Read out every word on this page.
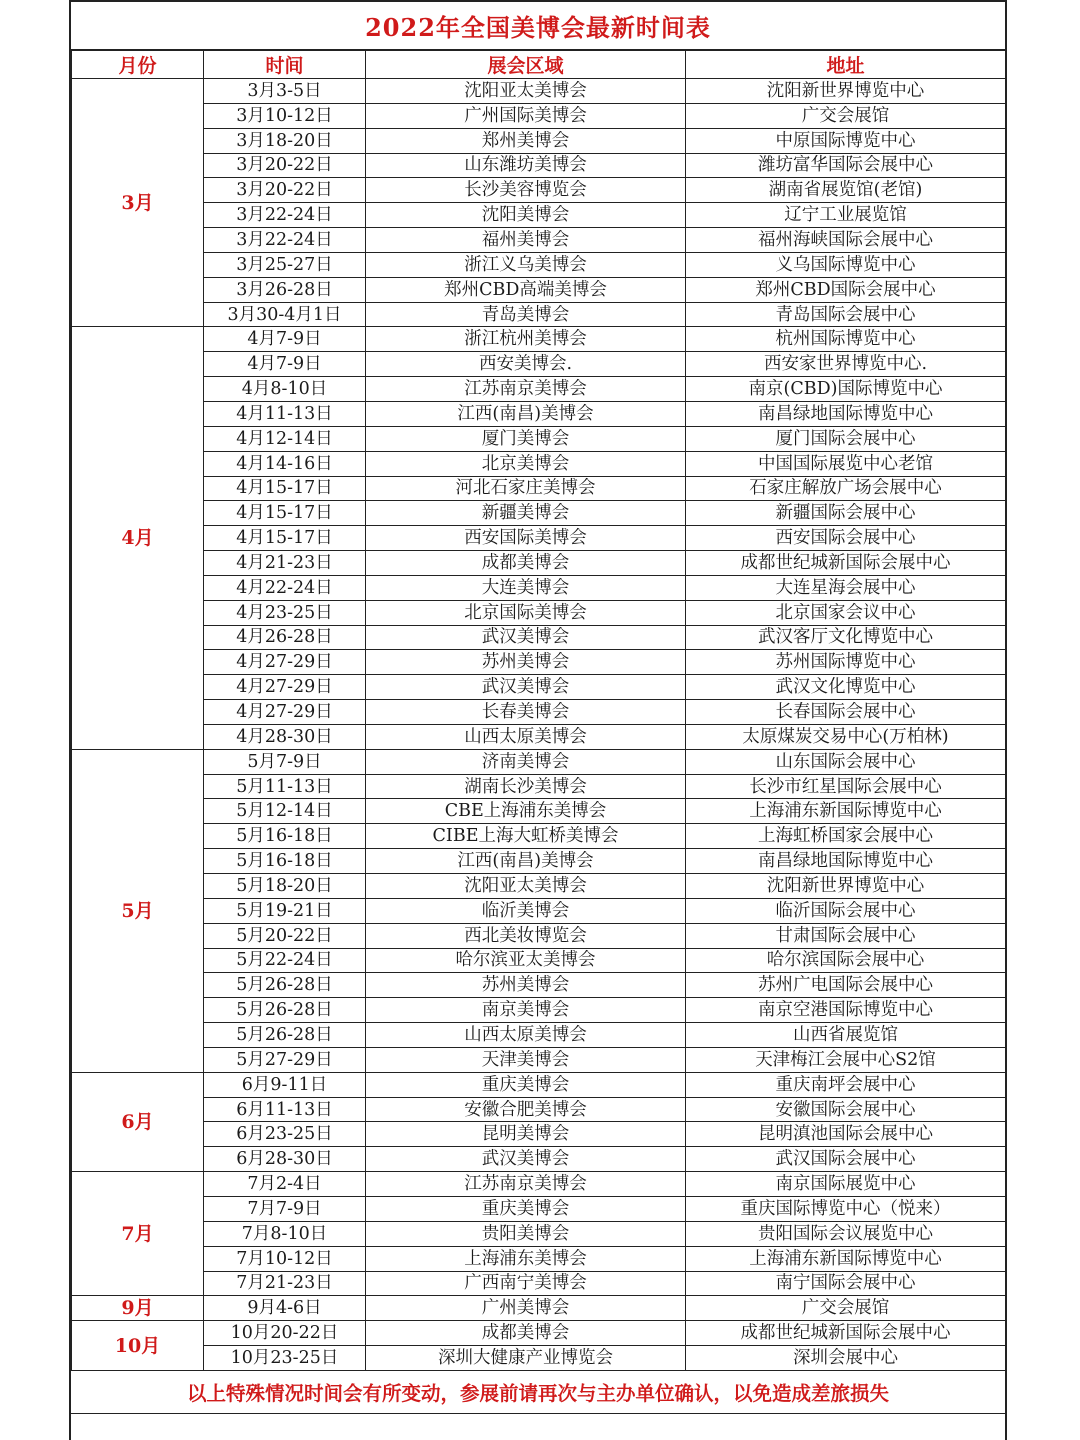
2022年全国美博会最新时间表
月份	时间	展会区域	地址
3月	3月3-5日	沈阳亚太美博会	沈阳新世界博览中心
	3月10-12日	广州国际美博会	广交会展馆
	3月18-20日	郑州美博会	中原国际博览中心
	3月20-22日	山东潍坊美博会	潍坊富华国际会展中心
	3月20-22日	长沙美容博览会	湖南省展览馆(老馆)
	3月22-24日	沈阳美博会	辽宁工业展览馆
	3月22-24日	福州美博会	福州海峡国际会展中心
	3月25-27日	浙江义乌美博会	义乌国际博览中心
	3月26-28日	郑州CBD高端美博会	郑州CBD国际会展中心
	3月30-4月1日	青岛美博会	青岛国际会展中心
4月	4月7-9日	浙江杭州美博会	杭州国际博览中心
	4月7-9日	西安美博会.	西安家世界博览中心.
	4月8-10日	江苏南京美博会	南京(CBD)国际博览中心
	4月11-13日	江西(南昌)美博会	南昌绿地国际博览中心
	4月12-14日	厦门美博会	厦门国际会展中心
	4月14-16日	北京美博会	中国国际展览中心老馆
	4月15-17日	河北石家庄美博会	石家庄解放广场会展中心
	4月15-17日	新疆美博会	新疆国际会展中心
	4月15-17日	西安国际美博会	西安国际会展中心
	4月21-23日	成都美博会	成都世纪城新国际会展中心
	4月22-24日	大连美博会	大连星海会展中心
	4月23-25日	北京国际美博会	北京国家会议中心
	4月26-28日	武汉美博会	武汉客厅文化博览中心
	4月27-29日	苏州美博会	苏州国际博览中心
	4月27-29日	武汉美博会	武汉文化博览中心
	4月27-29日	长春美博会	长春国际会展中心
	4月28-30日	山西太原美博会	太原煤炭交易中心(万柏林)
5月	5月7-9日	济南美博会	山东国际会展中心
	5月11-13日	湖南长沙美博会	长沙市红星国际会展中心
	5月12-14日	CBE上海浦东美博会	上海浦东新国际博览中心
	5月16-18日	CIBE上海大虹桥美博会	上海虹桥国家会展中心
	5月16-18日	江西(南昌)美博会	南昌绿地国际博览中心
	5月18-20日	沈阳亚太美博会	沈阳新世界博览中心
	5月19-21日	临沂美博会	临沂国际会展中心
	5月20-22日	西北美妆博览会	甘肃国际会展中心
	5月22-24日	哈尔滨亚太美博会	哈尔滨国际会展中心
	5月26-28日	苏州美博会	苏州广电国际会展中心
	5月26-28日	南京美博会	南京空港国际博览中心
	5月26-28日	山西太原美博会	山西省展览馆
	5月27-29日	天津美博会	天津梅江会展中心S2馆
6月	6月9-11日	重庆美博会	重庆南坪会展中心
	6月11-13日	安徽合肥美博会	安徽国际会展中心
	6月23-25日	昆明美博会	昆明滇池国际会展中心
	6月28-30日	武汉美博会	武汉国际会展中心
7月	7月2-4日	江苏南京美博会	南京国际展览中心
	7月7-9日	重庆美博会	重庆国际博览中心（悦来）
	7月8-10日	贵阳美博会	贵阳国际会议展览中心
	7月10-12日	上海浦东美博会	上海浦东新国际博览中心
	7月21-23日	广西南宁美博会	南宁国际会展中心
9月	9月4-6日	广州美博会	广交会展馆
10月	10月20-22日	成都美博会	成都世纪城新国际会展中心
	10月23-25日	深圳大健康产业博览会	深圳会展中心
以上特殊情况时间会有所变动，参展前请再次与主办单位确认，以免造成差旅损失
